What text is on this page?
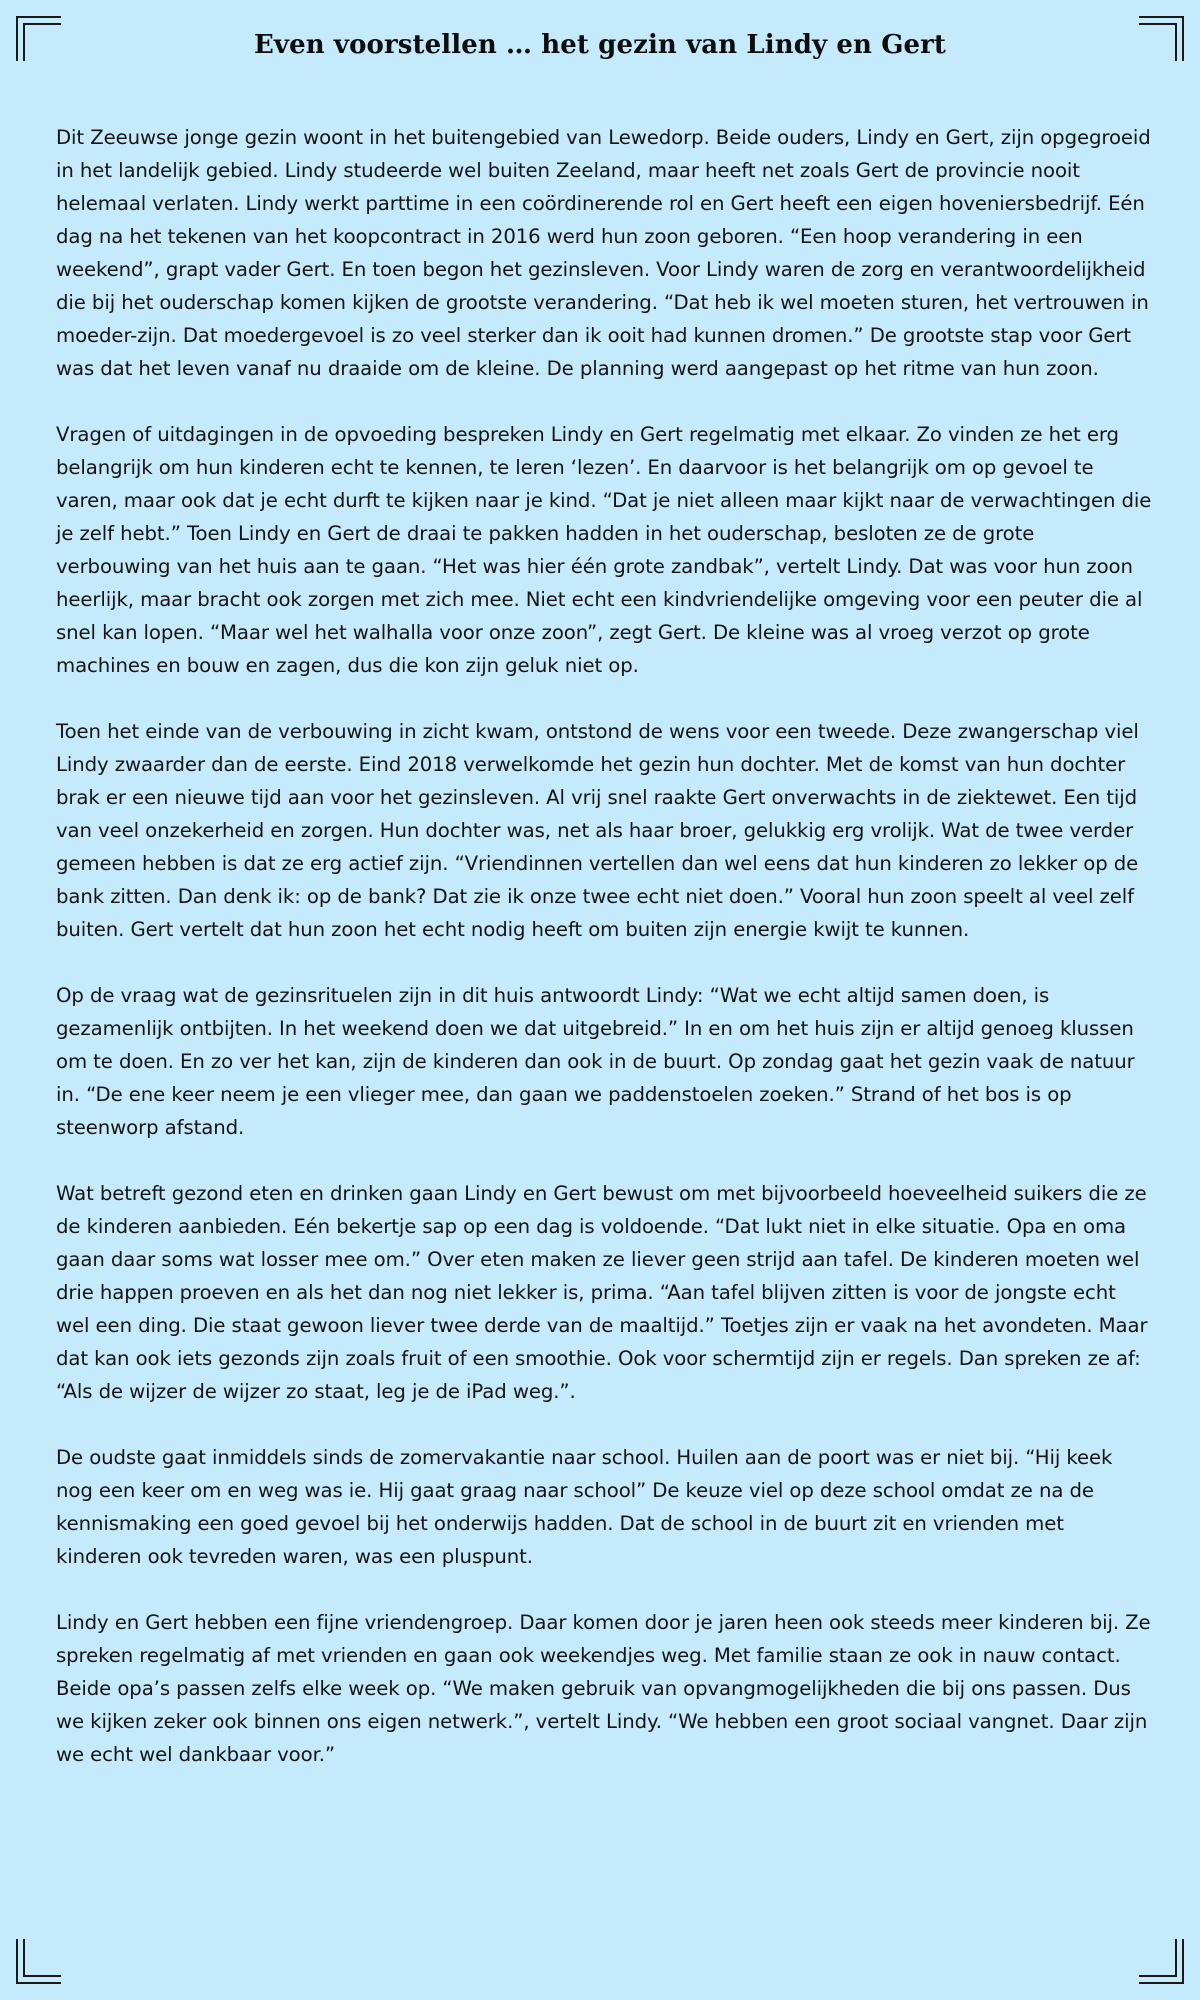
Even voorstellen … het gezin van Lindy en Gert

Dit Zeeuwse jonge gezin woont in het buitengebied van Lewedorp. Beide ouders, Lindy en Gert, zijn opgegroeid in het landelijk gebied. Lindy studeerde wel buiten Zeeland, maar heeft net zoals Gert de provincie nooit helemaal verlaten. Lindy werkt parttime in een coördinerende rol en Gert heeft een eigen hoveniersbedrijf. Eén dag na het tekenen van het koopcontract in 2016 werd hun zoon geboren. “Een hoop verandering in een weekend”, grapt vader Gert. En toen begon het gezinsleven. Voor Lindy waren de zorg en verantwoordelijkheid die bij het ouderschap komen kijken de grootste verandering. “Dat heb ik wel moeten sturen, het vertrouwen in moeder-zijn. Dat moedergevoel is zo veel sterker dan ik ooit had kunnen dromen.” De grootste stap voor Gert was dat het leven vanaf nu draaide om de kleine. De planning werd aangepast op het ritme van hun zoon.

Vragen of uitdagingen in de opvoeding bespreken Lindy en Gert regelmatig met elkaar. Zo vinden ze het erg belangrijk om hun kinderen echt te kennen, te leren ‘lezen’. En daarvoor is het belangrijk om op gevoel te varen, maar ook dat je echt durft te kijken naar je kind. “Dat je niet alleen maar kijkt naar de verwachtingen die je zelf hebt.” Toen Lindy en Gert de draai te pakken hadden in het ouderschap, besloten ze de grote verbouwing van het huis aan te gaan. “Het was hier één grote zandbak”, vertelt Lindy. Dat was voor hun zoon heerlijk, maar bracht ook zorgen met zich mee. Niet echt een kindvriendelijke omgeving voor een peuter die al snel kan lopen. “Maar wel het walhalla voor onze zoon”, zegt Gert. De kleine was al vroeg verzot op grote machines en bouw en zagen, dus die kon zijn geluk niet op.

Toen het einde van de verbouwing in zicht kwam, ontstond de wens voor een tweede. Deze zwangerschap viel Lindy zwaarder dan de eerste. Eind 2018 verwelkomde het gezin hun dochter. Met de komst van hun dochter brak er een nieuwe tijd aan voor het gezinsleven. Al vrij snel raakte Gert onverwachts in de ziektewet. Een tijd van veel onzekerheid en zorgen. Hun dochter was, net als haar broer, gelukkig erg vrolijk. Wat de twee verder gemeen hebben is dat ze erg actief zijn. “Vriendinnen vertellen dan wel eens dat hun kinderen zo lekker op de bank zitten. Dan denk ik: op de bank? Dat zie ik onze twee echt niet doen.” Vooral hun zoon speelt al veel zelf buiten. Gert vertelt dat hun zoon het echt nodig heeft om buiten zijn energie kwijt te kunnen.

Op de vraag wat de gezinsrituelen zijn in dit huis antwoordt Lindy: “Wat we echt altijd samen doen, is gezamenlijk ontbijten. In het weekend doen we dat uitgebreid.” In en om het huis zijn er altijd genoeg klussen om te doen. En zo ver het kan, zijn de kinderen dan ook in de buurt. Op zondag gaat het gezin vaak de natuur in. “De ene keer neem je een vlieger mee, dan gaan we paddenstoelen zoeken.” Strand of het bos is op steenworp afstand.

Wat betreft gezond eten en drinken gaan Lindy en Gert bewust om met bijvoorbeeld hoeveelheid suikers die ze de kinderen aanbieden. Eén bekertje sap op een dag is voldoende. “Dat lukt niet in elke situatie. Opa en oma gaan daar soms wat losser mee om.” Over eten maken ze liever geen strijd aan tafel. De kinderen moeten wel drie happen proeven en als het dan nog niet lekker is, prima. “Aan tafel blijven zitten is voor de jongste echt wel een ding. Die staat gewoon liever twee derde van de maaltijd.” Toetjes zijn er vaak na het avondeten. Maar dat kan ook iets gezonds zijn zoals fruit of een smoothie. Ook voor schermtijd zijn er regels. Dan spreken ze af: “Als de wijzer de wijzer zo staat, leg je de iPad weg.”.

De oudste gaat inmiddels sinds de zomervakantie naar school. Huilen aan de poort was er niet bij. “Hij keek nog een keer om en weg was ie. Hij gaat graag naar school” De keuze viel op deze school omdat ze na de kennismaking een goed gevoel bij het onderwijs hadden. Dat de school in de buurt zit en vrienden met kinderen ook tevreden waren, was een pluspunt.

Lindy en Gert hebben een fijne vriendengroep. Daar komen door je jaren heen ook steeds meer kinderen bij. Ze spreken regelmatig af met vrienden en gaan ook weekendjes weg. Met familie staan ze ook in nauw contact. Beide opa’s passen zelfs elke week op. “We maken gebruik van opvangmogelijkheden die bij ons passen. Dus we kijken zeker ook binnen ons eigen netwerk.”, vertelt Lindy. “We hebben een groot sociaal vangnet. Daar zijn we echt wel dankbaar voor.”
